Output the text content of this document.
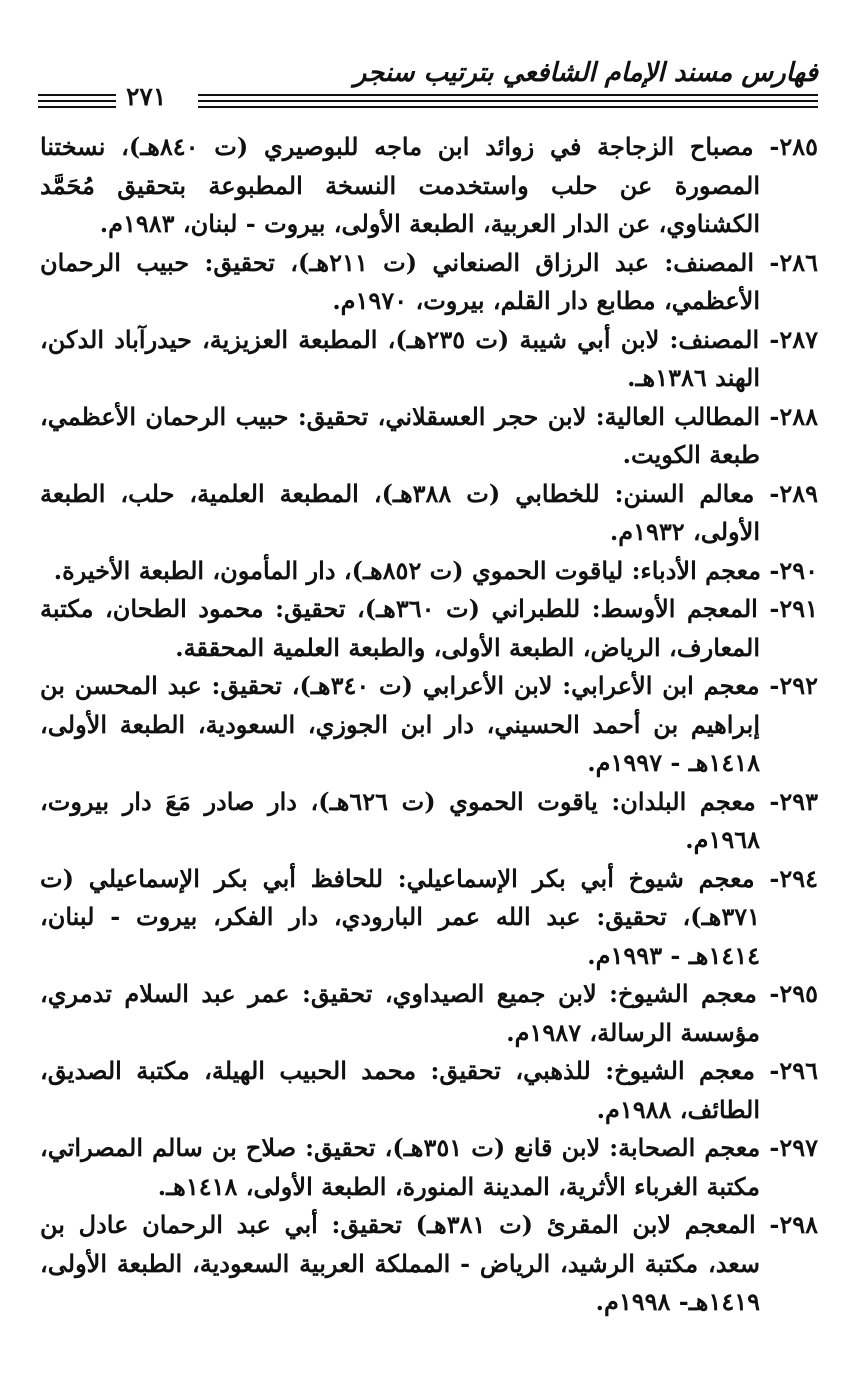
فهارس مسند الإمام الشافعي بترتيب سنجر
٢٧١

٢٨٥- مصباح الزجاجة في زوائد ابن ماجه للبوصيري (ت ٨٤٠هـ)، نسختنا المصورة عن حلب واستخدمت النسخة المطبوعة بتحقيق مُحَمَّد الكشناوي، عن الدار العربية، الطبعة الأولى، بيروت - لبنان، ١٩٨٣م.

٢٨٦- المصنف: عبد الرزاق الصنعاني (ت ٢١١هـ)، تحقيق: حبيب الرحمان الأعظمي، مطابع دار القلم، بيروت، ١٩٧٠م.

٢٨٧- المصنف: لابن أبي شيبة (ت ٢٣٥هـ)، المطبعة العزيزية، حيدرآباد الدكن، الهند ١٣٨٦هـ.

٢٨٨- المطالب العالية: لابن حجر العسقلاني، تحقيق: حبيب الرحمان الأعظمي، طبعة الكويت.

٢٨٩- معالم السنن: للخطابي (ت ٣٨٨هـ)، المطبعة العلمية، حلب، الطبعة الأولى، ١٩٣٢م.

٢٩٠- معجم الأدباء: لياقوت الحموي (ت ٨٥٢هـ)، دار المأمون، الطبعة الأخيرة.

٢٩١- المعجم الأوسط: للطبراني (ت ٣٦٠هـ)، تحقيق: محمود الطحان، مكتبة المعارف، الرياض، الطبعة الأولى، والطبعة العلمية المحققة.

٢٩٢- معجم ابن الأعرابي: لابن الأعرابي (ت ٣٤٠هـ)، تحقيق: عبد المحسن بن إبراهيم بن أحمد الحسيني، دار ابن الجوزي، السعودية، الطبعة الأولى، ١٤١٨هـ - ١٩٩٧م.

٢٩٣- معجم البلدان: ياقوت الحموي (ت ٦٢٦هـ)، دار صادر مَعَ دار بيروت، ١٩٦٨م.

٢٩٤- معجم شيوخ أبي بكر الإسماعيلي: للحافظ أبي بكر الإسماعيلي (ت ٣٧١هـ)، تحقيق: عبد الله عمر البارودي، دار الفكر، بيروت - لبنان، ١٤١٤هـ - ١٩٩٣م.

٢٩٥- معجم الشيوخ: لابن جميع الصيداوي، تحقيق: عمر عبد السلام تدمري، مؤسسة الرسالة، ١٩٨٧م.

٢٩٦- معجم الشيوخ: للذهبي، تحقيق: محمد الحبيب الهيلة، مكتبة الصديق، الطائف، ١٩٨٨م.

٢٩٧- معجم الصحابة: لابن قانع (ت ٣٥١هـ)، تحقيق: صلاح بن سالم المصراتي، مكتبة الغرباء الأثرية، المدينة المنورة، الطبعة الأولى، ١٤١٨هـ.

٢٩٨- المعجم لابن المقرئ (ت ٣٨١هـ) تحقيق: أبي عبد الرحمان عادل بن سعد، مكتبة الرشيد، الرياض - المملكة العربية السعودية، الطبعة الأولى، ١٤١٩هـ- ١٩٩٨م.
